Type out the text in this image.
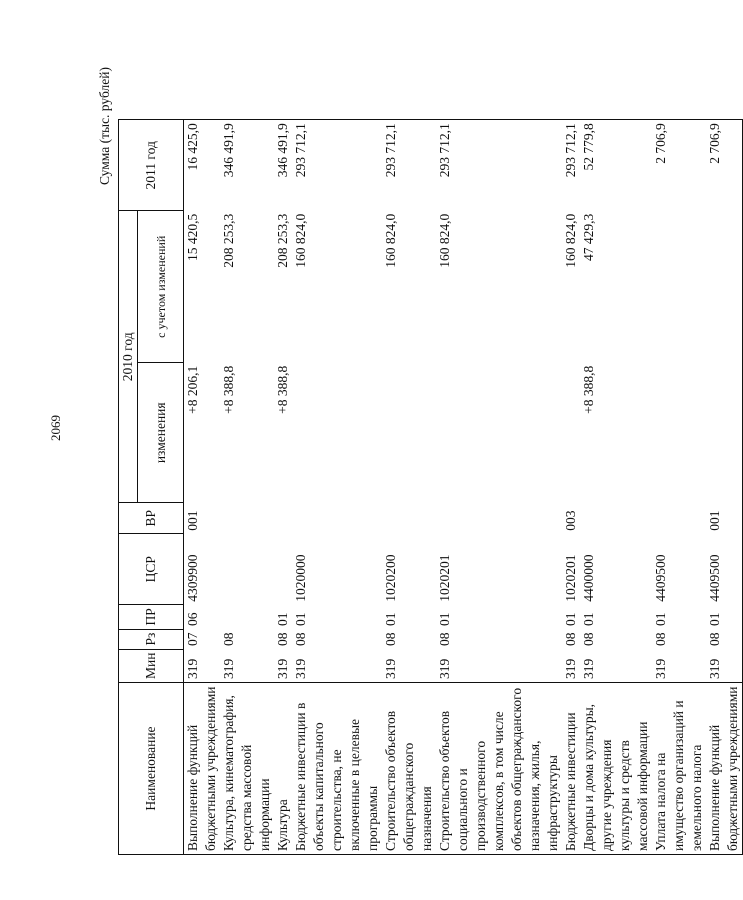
2069
Сумма (тыс. рублей)
Наименование	Мин	Рз	ПР	ЦСР	ВР	2010 год		2011 год
						изменения	с учетом изменений	
Выполнение функций бюджетными учреждениями	319	07	06	4309900	001	+8 206,1	15 420,5	16 425,0
Культура, кинематография, средства массовой информации	319	08				+8 388,8	208 253,3	346 491,9
Культура	319	08	01			+8 388,8	208 253,3	346 491,9
Бюджетные инвестиции в объекты капитального строительства, не включенные в целевые программы	319	08	01	1020000			160 824,0	293 712,1
Строительство объектов общегражданского назначения	319	08	01	1020200			160 824,0	293 712,1
Строительство объектов социального и производственного комплексов, в том числе объектов общегражданского назначения, жилья, инфраструктуры	319	08	01	1020201			160 824,0	293 712,1
Бюджетные инвестиции	319	08	01	1020201	003		160 824,0	293 712,1
Дворцы и дома культуры, другие учреждения культуры и средств массовой информации	319	08	01	4400000		+8 388,8	47 429,3	52 779,8
Уплата налога на имущество организаций и земельного налога	319	08	01	4409500				2 706,9
Выполнение функций бюджетными учреждениями	319	08	01	4409500	001			2 706,9
